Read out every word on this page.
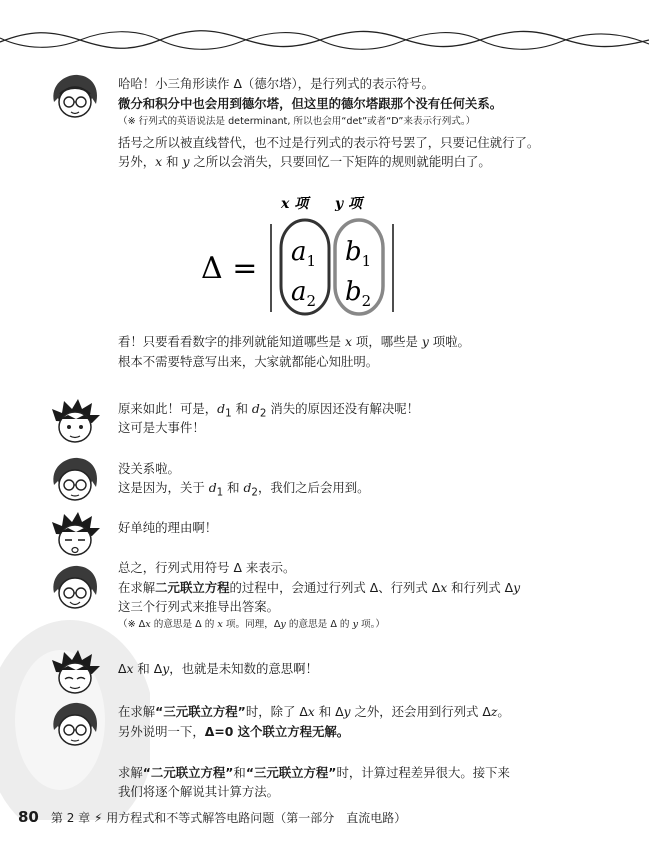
哈哈！小三角形读作 Δ（德尔塔），是行列式的表示符号。
微分和积分中也会用到德尔塔，但这里的德尔塔跟那个没有任何关系。
（※ 行列式的英语说法是 determinant, 所以也会用“det”或者“D”来表示行列式。）
括号之所以被直线替代，也不过是行列式的表示符号罢了，只要记住就行了。
另外，x 和 y 之所以会消失，只要回忆一下矩阵的规则就能明白了。
x 项 y 项
$\Delta = a_1$
$a_2$
$b_1$
$b_2$
看！只要看看数字的排列就能知道哪些是 x 项，哪些是 y 项啦。
根本不需要特意写出来，大家就都能心知肚明。
原来如此！可是，$d_1$ 和 $d_2$ 消失的原因还没有解决呢！
这可是大事件！
没关系啦。
这是因为，关于 $d_1$ 和 $d_2$，我们之后会用到。
好单纯的理由啊！
总之，行列式用符号 Δ 来表示。
在求解二元联立方程的过程中，会通过行列式 Δ、行列式 Δx 和行列式 Δy
这三个行列式来推导出答案。
（※ Δx 的意思是 Δ 的 x 项。同理，Δy 的意思是 Δ 的 y 项。）
Δx 和 Δy，也就是未知数的意思啊！
在求解“三元联立方程”时，除了 Δx 和 Δy 之外，还会用到行列式 Δz。
另外说明一下，Δ=0 这个联立方程无解。
求解“二元联立方程”和“三元联立方程”时，计算过程差异很大。接下来
我们将逐个解说其计算方法。
80 第 2 章 ⚡ 用方程式和不等式解答电路问题（第一部分　直流电路）
